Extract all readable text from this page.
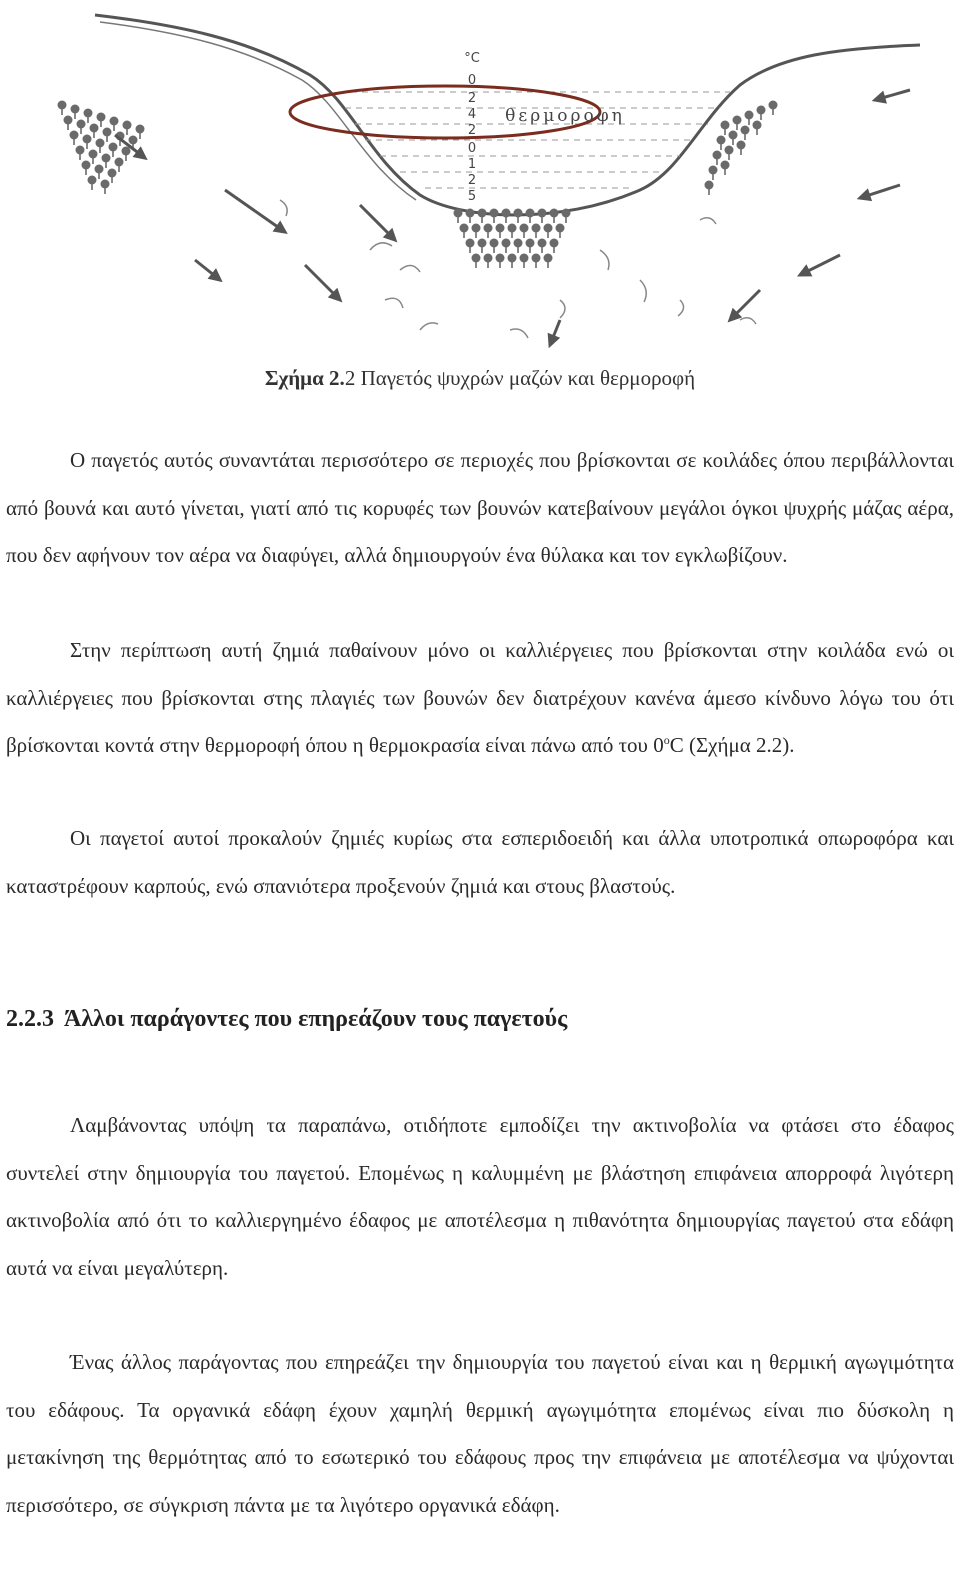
°C
0
2
4
2
0
1
2
5
θερμοροφη
Σχήμα 2.2 Παγετός ψυχρών μαζών και θερμοροφή

Ο παγετός αυτός συναντάται περισσότερο σε περιοχές που βρίσκονται σε κοιλάδες όπου περιβάλλονται από βουνά και αυτό γίνεται, γιατί από τις κορυφές των βουνών κατεβαίνουν μεγάλοι όγκοι ψυχρής μάζας αέρα, που δεν αφήνουν τον αέρα να διαφύγει, αλλά δημιουργούν ένα θύλακα και τον εγκλωβίζουν.

Στην περίπτωση αυτή ζημιά παθαίνουν μόνο οι καλλιέργειες που βρίσκονται στην κοιλάδα ενώ οι καλλιέργειες που βρίσκονται στης πλαγιές των βουνών δεν διατρέχουν κανένα άμεσο κίνδυνο λόγω του ότι βρίσκονται κοντά στην θερμοροφή όπου η θερμοκρασία είναι πάνω από του 0$^o$C (Σχήμα 2.2).

Οι παγετοί αυτοί προκαλούν ζημιές κυρίως στα εσπεριδοειδή και άλλα υποτροπικά οπωροφόρα και καταστρέφουν καρπούς, ενώ σπανιότερα προξενούν ζημιά και στους βλαστούς.

2.2.3 Άλλοι παράγοντες που επηρεάζουν τους παγετούς

Λαμβάνοντας υπόψη τα παραπάνω, οτιδήποτε εμποδίζει την ακτινοβολία να φτάσει στο έδαφος συντελεί στην δημιουργία του παγετού. Επομένως η καλυμμένη με βλάστηση επιφάνεια απορροφά λιγότερη ακτινοβολία από ότι το καλλιεργημένο έδαφος με αποτέλεσμα η πιθανότητα δημιουργίας παγετού στα εδάφη αυτά να είναι μεγαλύτερη.

Ένας άλλος παράγοντας που επηρεάζει την δημιουργία του παγετού είναι και η θερμική αγωγιμότητα του εδάφους. Τα οργανικά εδάφη έχουν χαμηλή θερμική αγωγιμότητα επομένως είναι πιο δύσκολη η μετακίνηση της θερμότητας από το εσωτερικό του εδάφους προς την επιφάνεια με αποτέλεσμα να ψύχονται περισσότερο, σε σύγκριση πάντα με τα λιγότερο οργανικά εδάφη.
